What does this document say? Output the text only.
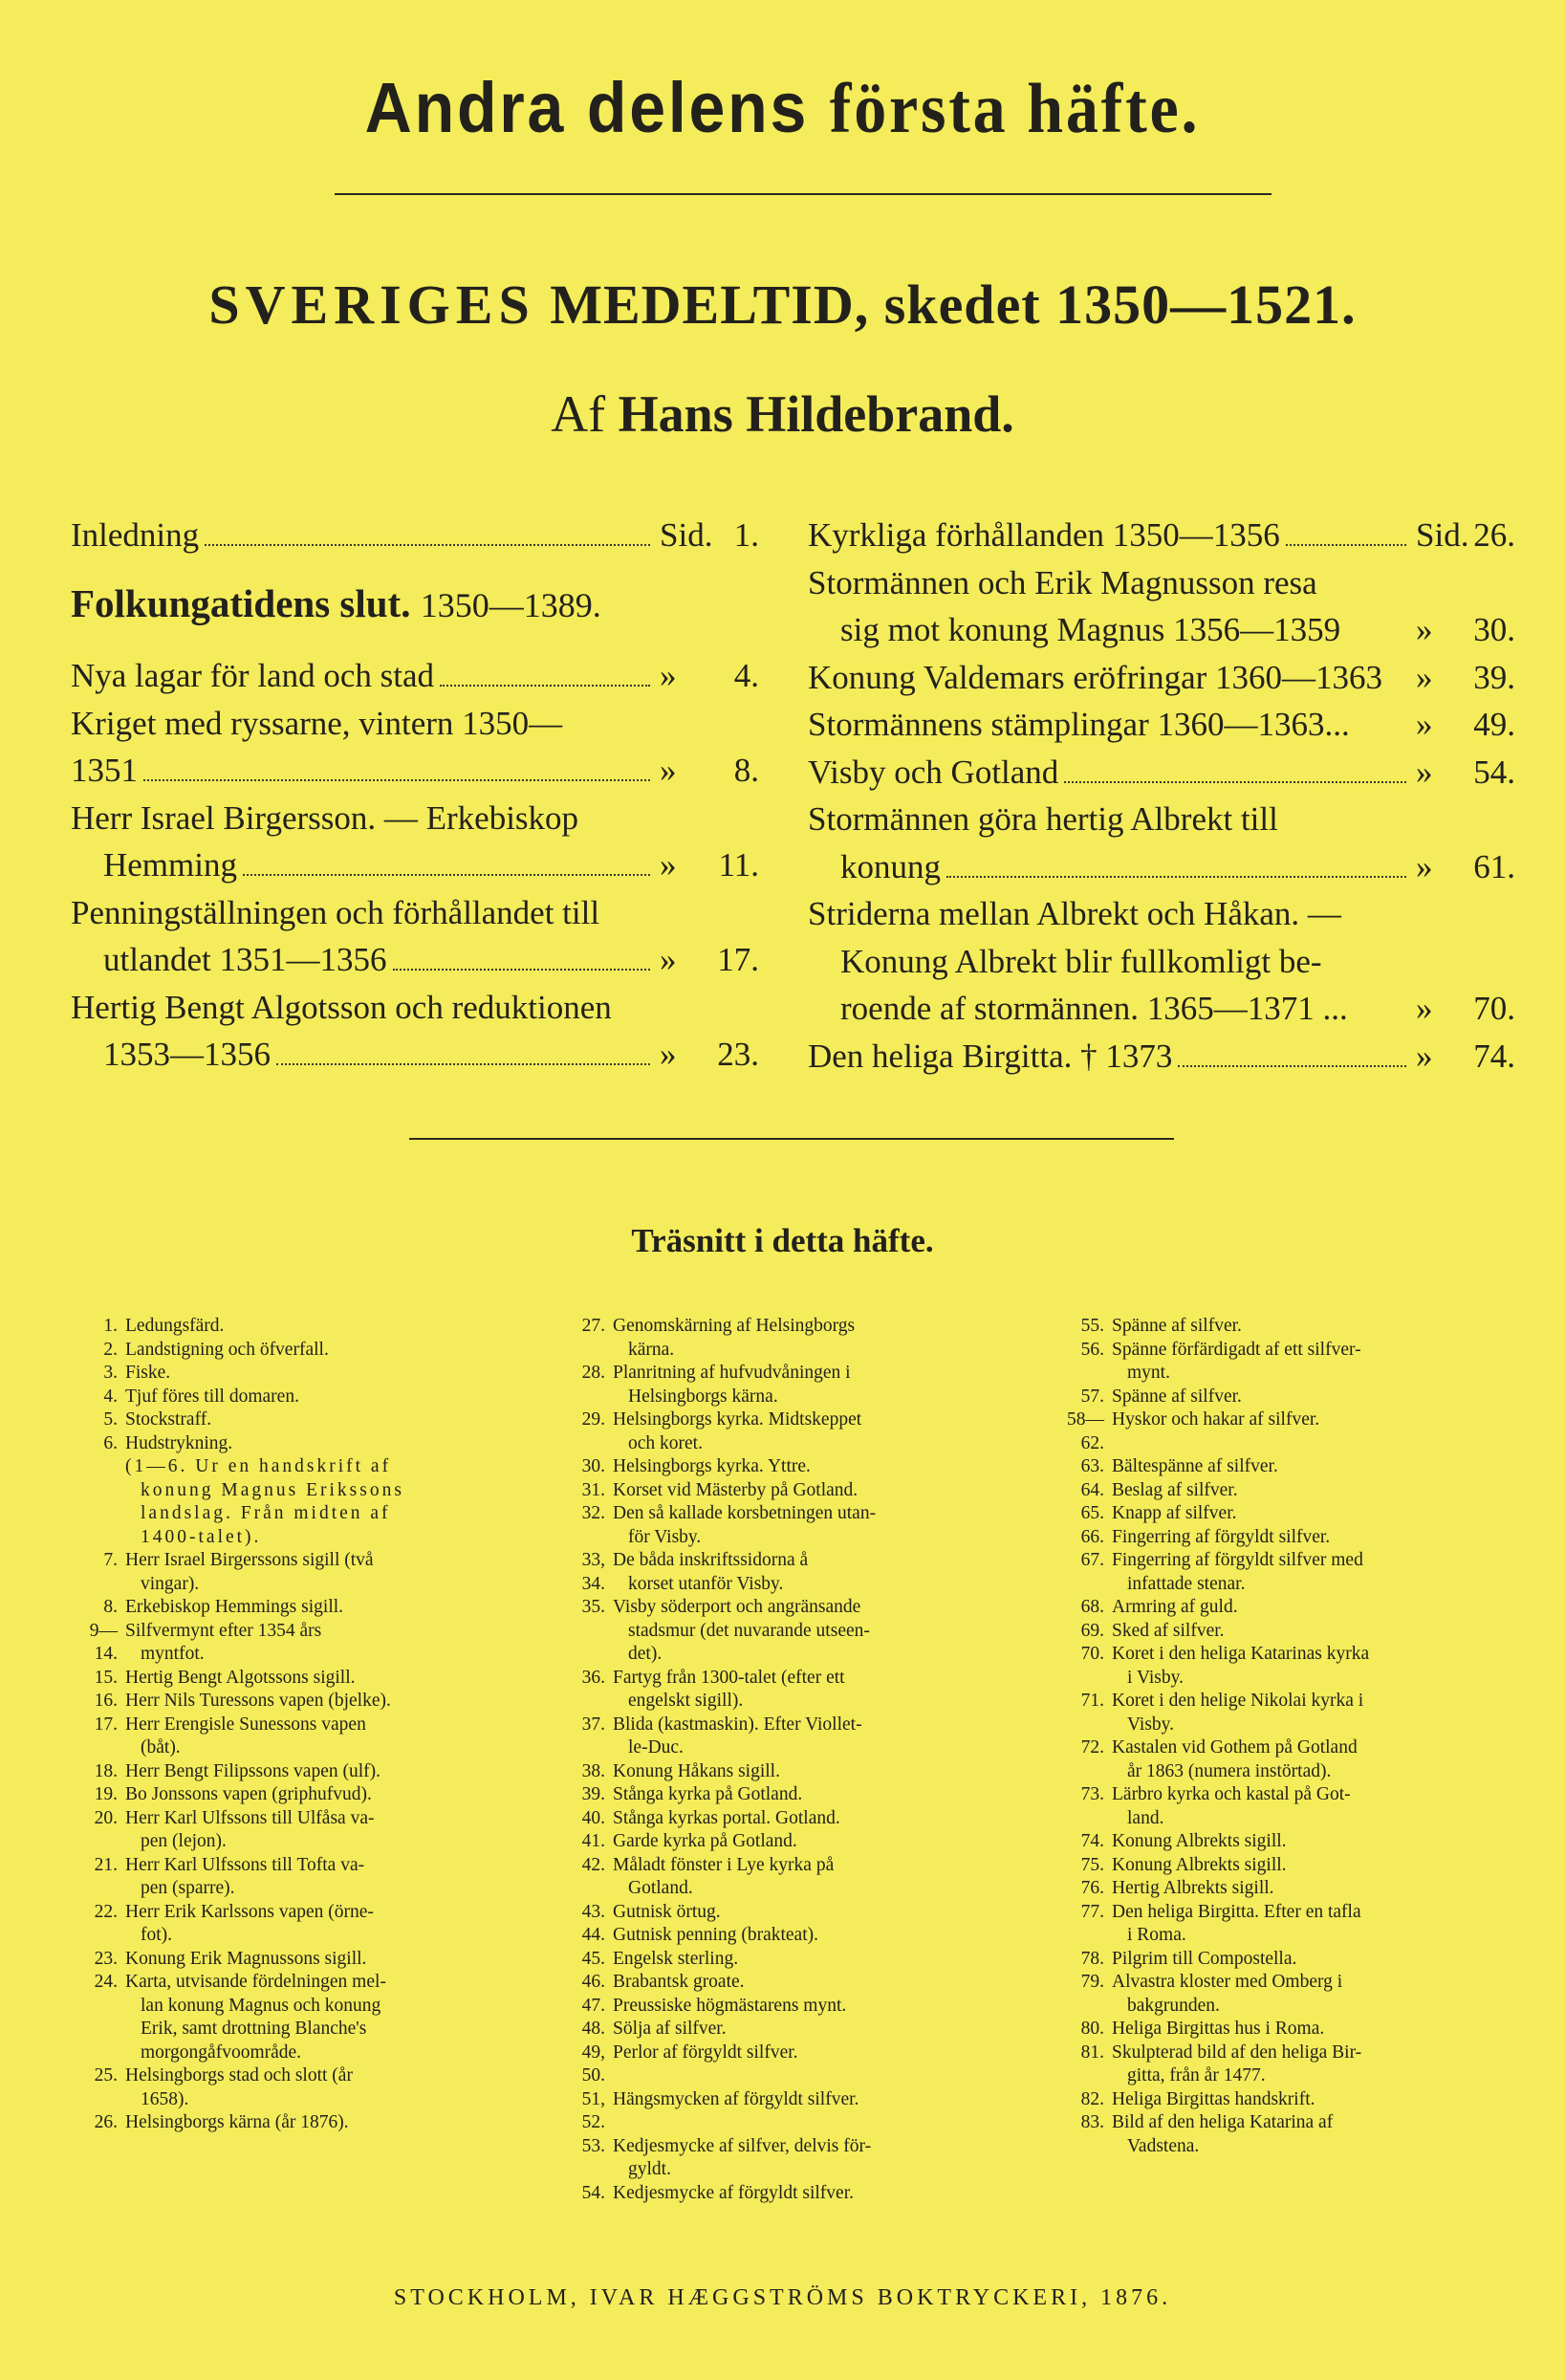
Andra delens första häfte.
SVERIGES MEDELTID, skedet 1350—1521.
Af Hans Hildebrand.
Inledning	Sid. 1.
Folkungatidens slut. 1350—1389.
Nya lagar för land och stad	»	4.
Kriget med ryssarne, vintern 1350—
1351	»	8.
Herr Israel Birgersson. — Erkebiskop
Hemming	»	11.
Penningställningen och förhållandet till
utlandet 1351—1356	»	17.
Hertig Bengt Algotsson och reduktionen
1353—1356	»	23.
Kyrkliga förhållanden 1350—1356	Sid. 26.
Stormännen och Erik Magnusson resa
sig mot konung Magnus 1356—1359 »	30.
Konung Valdemars eröfringar 1360—1363 »	39.
Stormännens stämplingar 1360—1363... »	49.
Visby och Gotland	»	54.
Stormännen göra hertig Albrekt till
konung	»	61.
Striderna mellan Albrekt och Håkan. —
Konung Albrekt blir fullkomligt be-
roende af stormännen. 1365—1371 ... »	70.
Den heliga Birgitta. † 1373	»	74.
Träsnitt i detta häfte.
1. Ledungsfärd.
2. Landstigning och öfverfall.
3. Fiske.
4. Tjuf föres till domaren.
5. Stockstraff.
6. Hudstrykning.
(1—6. Ur en handskrift af
konung Magnus Erikssons
landslag. Från midten af
1400-talet).
7. Herr Israel Birgerssons sigill (två
vingar).
8. Erkebiskop Hemmings sigill.
9—14.
Silfvermynt efter 1354 års
myntfot.
15. Hertig Bengt Algotssons sigill.
16. Herr Nils Turessons vapen (bjelke).
17. Herr Erengisle Sunessons vapen
(båt).
18. Herr Bengt Filipssons vapen (ulf).
19. Bo Jonssons vapen (griphufvud).
20. Herr Karl Ulfssons till Ulfåsa va-
pen (lejon).
21. Herr Karl Ulfssons till Tofta va-
pen (sparre).
22. Herr Erik Karlssons vapen (örne-
fot).
23. Konung Erik Magnussons sigill.
24. Karta, utvisande fördelningen mel-
lan konung Magnus och konung
Erik, samt drottning Blanche's
morgongåfvoområde.
25. Helsingborgs stad och slott (år
1658).
26. Helsingborgs kärna (år 1876).
27. Genomskärning af Helsingborgs
kärna.
28. Planritning af hufvudvåningen i
Helsingborgs kärna.
29. Helsingborgs kyrka. Midtskeppet
och koret.
30. Helsingborgs kyrka. Yttre.
31. Korset vid Mästerby på Gotland.
32. Den så kallade korsbetningen utan-
för Visby.
33, 34.
De båda inskriftssidorna å
korset utanför Visby.
35. Visby söderport och angränsande
stadsmur (det nuvarande utseen-
det).
36. Fartyg från 1300-talet (efter ett
engelskt sigill).
37. Blida (kastmaskin). Efter Viollet-
le-Duc.
38. Konung Håkans sigill.
39. Stånga kyrka på Gotland.
40. Stånga kyrkas portal. Gotland.
41. Garde kyrka på Gotland.
42. Måladt fönster i Lye kyrka på
Gotland.
43. Gutnisk örtug.
44. Gutnisk penning (brakteat).
45. Engelsk sterling.
46. Brabantsk groate.
47. Preussiske högmästarens mynt.
48. Sölja af silfver.
49, 50.
Perlor af förgyldt silfver.
51, 52.
Hängsmycken af förgyldt silfver.
53. Kedjesmycke af silfver, delvis för-
gyldt.
54. Kedjesmycke af förgyldt silfver.
55. Spänne af silfver.
56. Spänne förfärdigadt af ett silfver-
mynt.
57. Spänne af silfver.
58—62.
Hyskor och hakar af silfver.
63. Bältespänne af silfver.
64. Beslag af silfver.
65. Knapp af silfver.
66. Fingerring af förgyldt silfver.
67. Fingerring af förgyldt silfver med
infattade stenar.
68. Armring af guld.
69. Sked af silfver.
70. Koret i den heliga Katarinas kyrka
i Visby.
71. Koret i den helige Nikolai kyrka i
Visby.
72. Kastalen vid Gothem på Gotland
år 1863 (numera instörtad).
73. Lärbro kyrka och kastal på Got-
land.
74. Konung Albrekts sigill.
75. Konung Albrekts sigill.
76. Hertig Albrekts sigill.
77. Den heliga Birgitta. Efter en tafla
i Roma.
78. Pilgrim till Compostella.
79. Alvastra kloster med Omberg i
bakgrunden.
80. Heliga Birgittas hus i Roma.
81. Skulpterad bild af den heliga Bir-
gitta, från år 1477.
82. Heliga Birgittas handskrift.
83. Bild af den heliga Katarina af
Vadstena.
STOCKHOLM, IVAR HÆGGSTRÖMS BOKTRYCKERI, 1876.
